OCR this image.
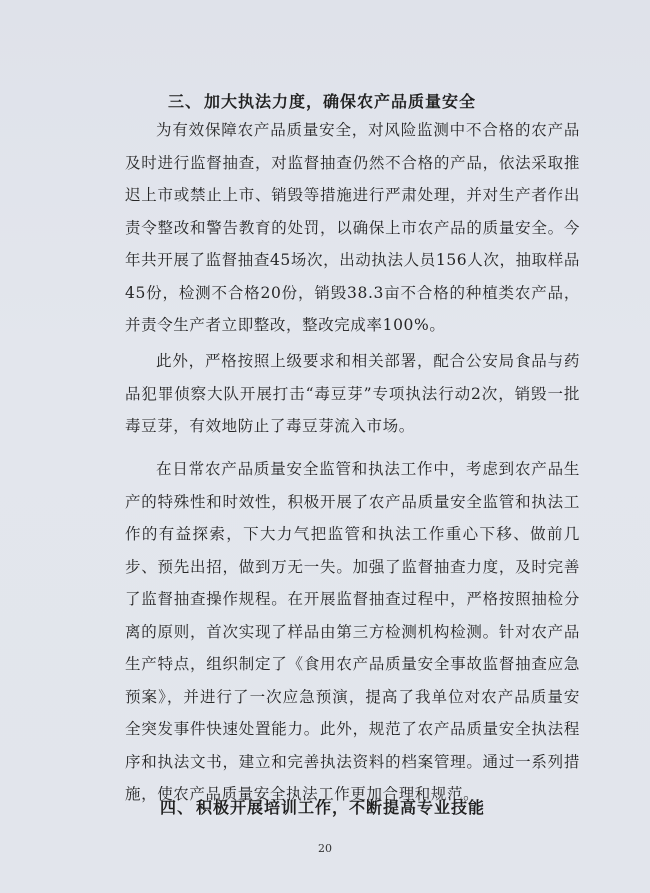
三、 加大执法力度，确保农产品质量安全

为有效保障农产品质量安全，对风险监测中不合格的农产品及时进行监督抽查，对监督抽查仍然不合格的产品，依法采取推迟上市或禁止上市、销毁等措施进行严肃处理，并对生产者作出责令整改和警告教育的处罚，以确保上市农产品的质量安全。今年共开展了监督抽查45场次，出动执法人员156人次，抽取样品45份，检测不合格20份，销毁38.3亩不合格的种植类农产品，并责令生产者立即整改，整改完成率100%。

此外，严格按照上级要求和相关部署，配合公安局食品与药品犯罪侦察大队开展打击“毒豆芽”专项执法行动2次，销毁一批毒豆芽，有效地防止了毒豆芽流入市场。

在日常农产品质量安全监管和执法工作中，考虑到农产品生产的特殊性和时效性，积极开展了农产品质量安全监管和执法工作的有益探索，下大力气把监管和执法工作重心下移、做前几步、预先出招，做到万无一失。加强了监督抽查力度，及时完善了监督抽查操作规程。在开展监督抽查过程中，严格按照抽检分离的原则，首次实现了样品由第三方检测机构检测。针对农产品生产特点，组织制定了《食用农产品质量安全事故监督抽查应急预案》，并进行了一次应急预演，提高了我单位对农产品质量安全突发事件快速处置能力。此外，规范了农产品质量安全执法程序和执法文书，建立和完善执法资料的档案管理。通过一系列措施，使农产品质量安全执法工作更加合理和规范。

四、 积极开展培训工作，不断提高专业技能
20
